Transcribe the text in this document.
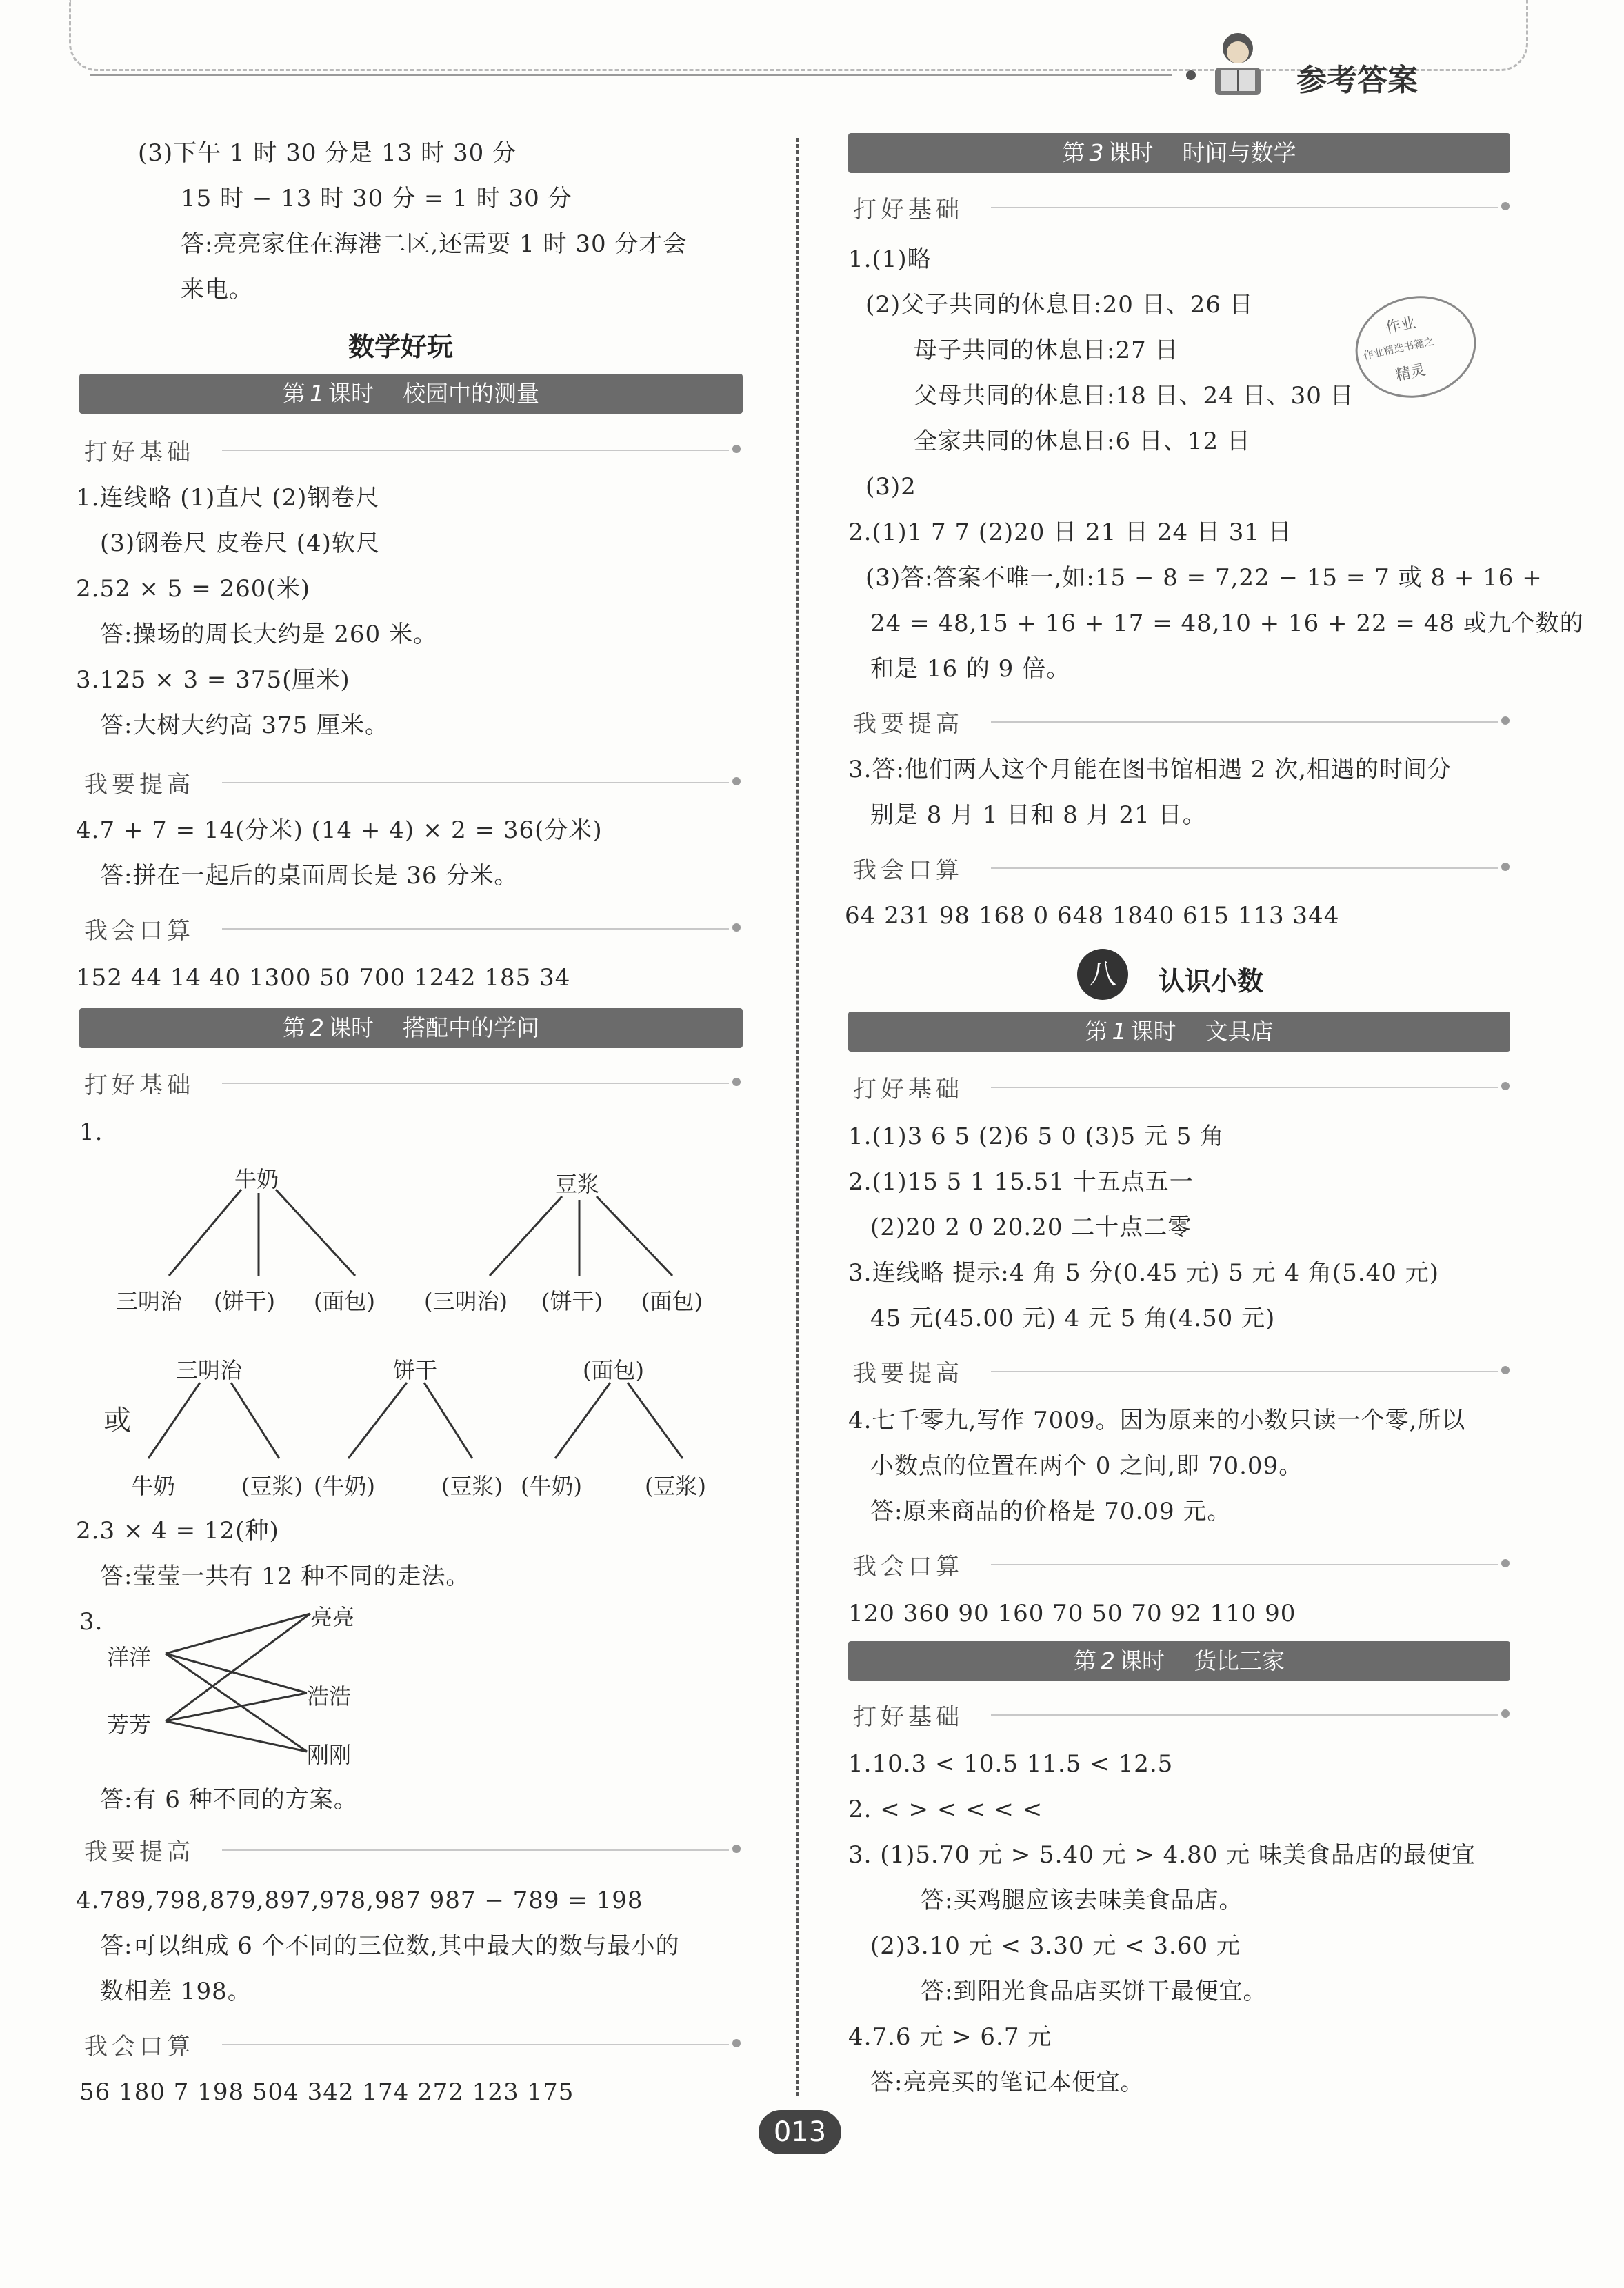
参考答案
(3)下午 1 时 30 分是 13 时 30 分
15 时 − 13 时 30 分 = 1 时 30 分
答:亮亮家住在海港二区,还需要 1 时 30 分才会
来电。
数学好玩
第 1 课时 校园中的测量
打好基础
1.连线略 (1)直尺 (2)钢卷尺
(3)钢卷尺 皮卷尺 (4)软尺
2.52 × 5 = 260(米)
答:操场的周长大约是 260 米。
3.125 × 3 = 375(厘米)
答:大树大约高 375 厘米。
我要提高
4.7 + 7 = 14(分米) (14 + 4) × 2 = 36(分米)
答:拼在一起后的桌面周长是 36 分米。
我会口算
152 44 14 40 1300 50 700 1242 185 34
第 2 课时 搭配中的学问
打好基础
1.
牛奶
三明治 (饼干) (面包)
豆浆
(三明治) (饼干) (面包)
或
三明治
牛奶	(豆浆)
饼干
(牛奶)	(豆浆)
(面包)
(牛奶)	(豆浆)
2.3 × 4 = 12(种)
答:莹莹一共有 12 种不同的走法。
3.
洋洋
芳芳
亮亮
浩浩
刚刚
答:有 6 种不同的方案。
我要提高
4.789,798,879,897,978,987 987 − 789 = 198
答:可以组成 6 个不同的三位数,其中最大的数与最小的
数相差 198。
我会口算
56 180 7 198 504 342 174 272 123 175
第 3 课时 时间与数学
打好基础
1.(1)略
(2)父子共同的休息日:20 日、26 日
母子共同的休息日:27 日
父母共同的休息日:18 日、24 日、30 日
全家共同的休息日:6 日、12 日
(3)2
2.(1)1 7 7 (2)20 日 21 日 24 日 31 日
(3)答:答案不唯一,如:15 − 8 = 7,22 − 15 = 7 或 8 + 16 +
24 = 48,15 + 16 + 17 = 48,10 + 16 + 22 = 48 或九个数的
和是 16 的 9 倍。
作业
作业精选书籍之
精灵
我要提高
3.答:他们两人这个月能在图书馆相遇 2 次,相遇的时间分
别是 8 月 1 日和 8 月 21 日。
我会口算
64 231 98 168 0 648 1840 615 113 344
八	认识小数
第 1 课时 文具店
打好基础
1.(1)3 6 5 (2)6 5 0 (3)5 元 5 角
2.(1)15 5 1 15.51 十五点五一
(2)20 2 0 20.20 二十点二零
3.连线略 提示:4 角 5 分(0.45 元) 5 元 4 角(5.40 元)
45 元(45.00 元) 4 元 5 角(4.50 元)
我要提高
4.七千零九,写作 7009。因为原来的小数只读一个零,所以
小数点的位置在两个 0 之间,即 70.09。
答:原来商品的价格是 70.09 元。
我会口算
120 360 90 160 70 50 70 92 110 90
第 2 课时 货比三家
打好基础
1.10.3 < 10.5 11.5 < 12.5
2. < > < < < <
3. (1)5.70 元 > 5.40 元 > 4.80 元 味美食品店的最便宜
答:买鸡腿应该去味美食品店。
(2)3.10 元 < 3.30 元 < 3.60 元
答:到阳光食品店买饼干最便宜。
4.7.6 元 > 6.7 元
答:亮亮买的笔记本便宜。
013
